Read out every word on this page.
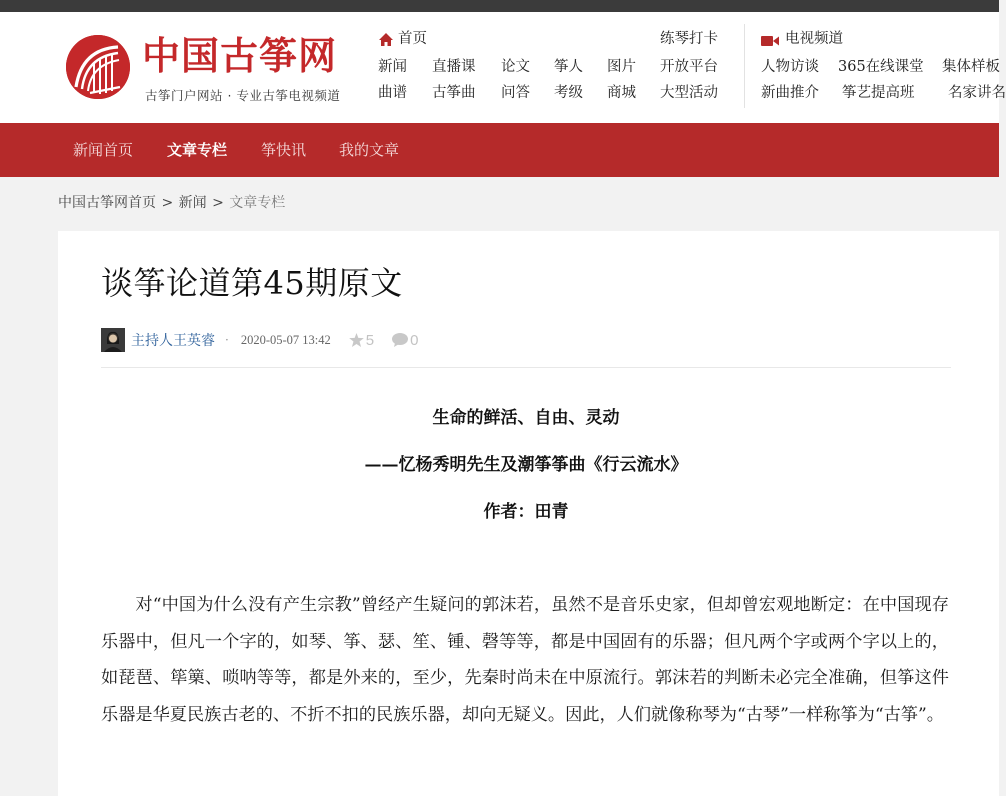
中国古筝网
古筝门户网站 · 专业古筝电视频道
首页
新闻 直播课 论文 筝人 图片
曲谱 古筝曲 问答 考级 商城
练琴打卡
开放平台
大型活动
电视频道
人物访谈 365在线课堂 集体样板
新曲推介 筝艺提高班 名家讲名
新闻首页 文章专栏 筝快讯 我的文章
中国古筝网首页 > 新闻 > 文章专栏
谈筝论道第45期原文
主持人王英睿 · 2020-05-07 13:42 5 0
生命的鲜活、自由、灵动
——忆杨秀明先生及潮筝筝曲《行云流水》
作者：田青

对“中国为什么没有产生宗教”曾经产生疑问的郭沫若，虽然不是音乐史家，但却曾宏观地断定：在中国现存乐器中，但凡一个字的，如琴、筝、瑟、笙、锺、磬等等，都是中国固有的乐器；但凡两个字或两个字以上的，如琵琶、筚篥、唢呐等等，都是外来的，至少，先秦时尚未在中原流行。郭沫若的判断未必完全准确，但筝这件乐器是华夏民族古老的、不折不扣的民族乐器，却向无疑义。因此，人们就像称琴为“古琴”一样称筝为“古筝”。
